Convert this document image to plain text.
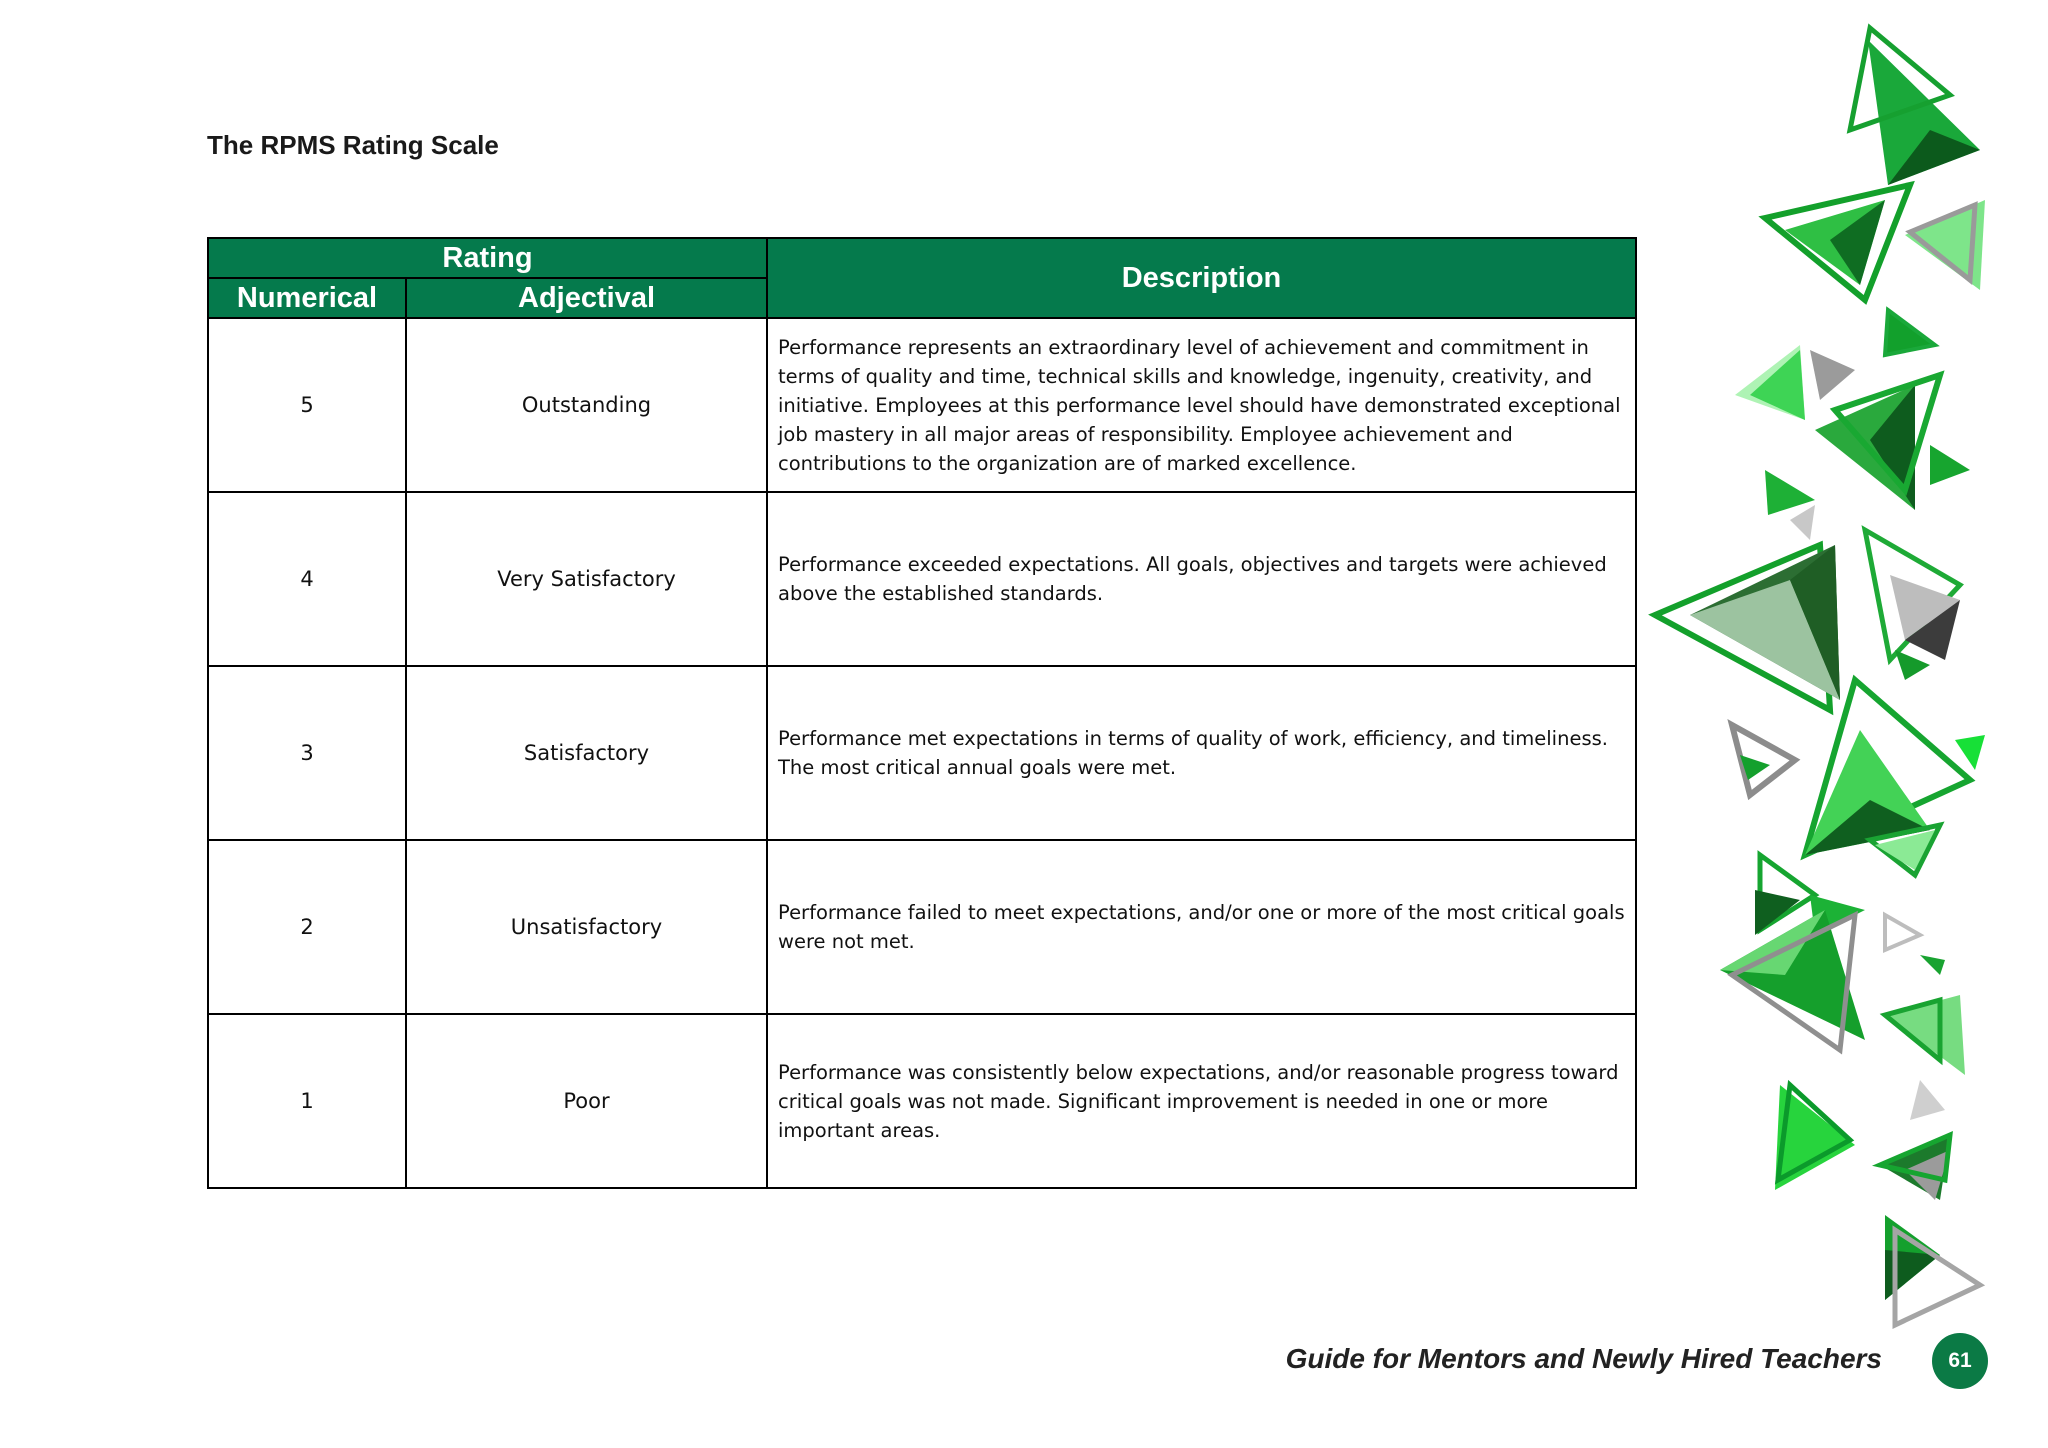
The RPMS Rating Scale
Rating		Description
Numerical	Adjectival	
5	Outstanding	Performance represents an extraordinary level of achievement and commitment in terms of quality and time, technical skills and knowledge, ingenuity, creativity, and initiative. Employees at this performance level should have demonstrated exceptional job mastery in all major areas of responsibility. Employee achievement and contributions to the organization are of marked excellence.
4	Very Satisfactory	Performance exceeded expectations. All goals, objectives and targets were achieved above the established standards.
3	Satisfactory	Performance met expectations in terms of quality of work, efficiency, and timeliness. The most critical annual goals were met.
2	Unsatisfactory	Performance failed to meet expectations, and/or one or more of the most critical goals were not met.
1	Poor	Performance was consistently below expectations, and/or reasonable progress toward critical goals was not made. Significant improvement is needed in one or more important areas.
Guide for Mentors and Newly Hired Teachers	61
